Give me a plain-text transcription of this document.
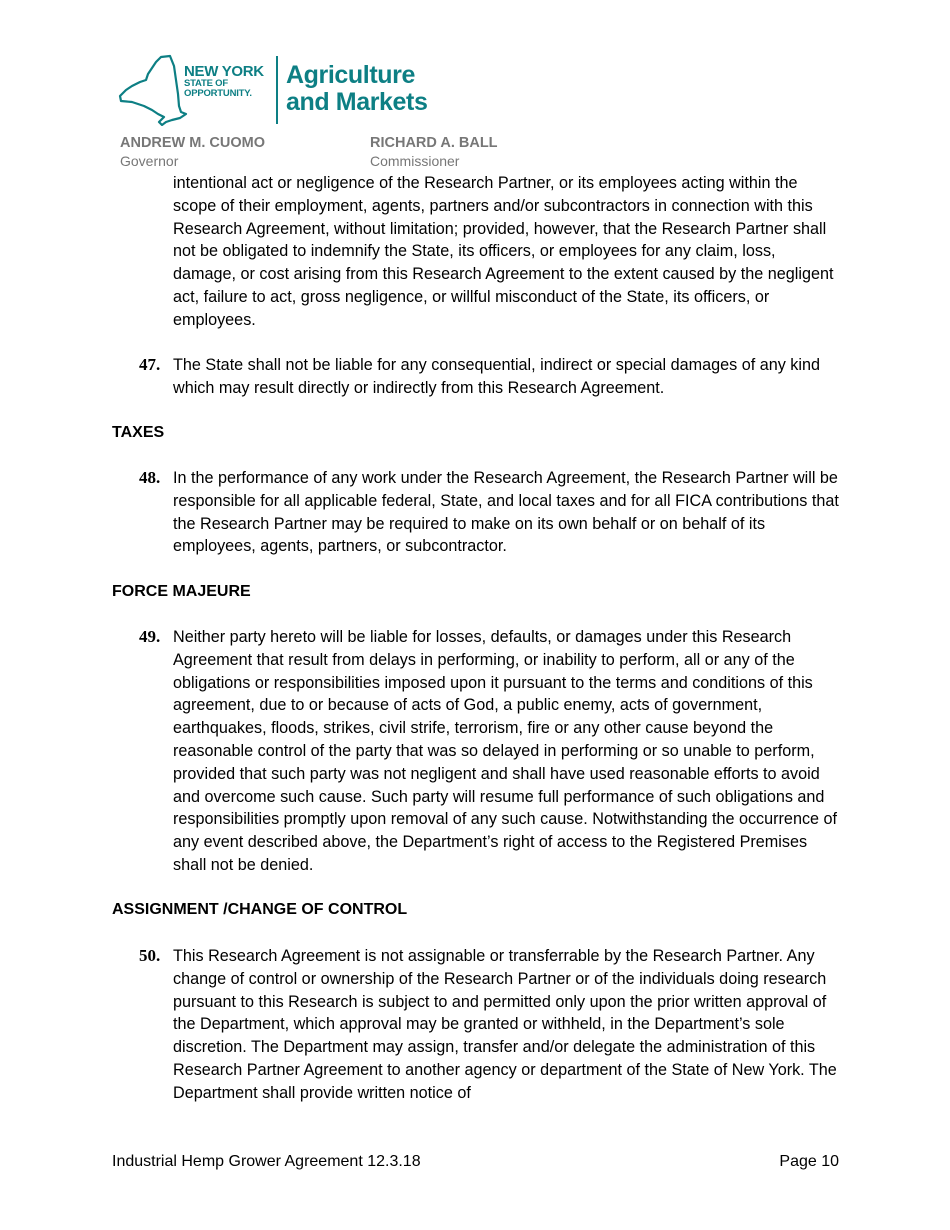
NEW YORK
STATE OF
OPPORTUNITY.
Agriculture
and Markets
ANDREW M. CUOMO
Governor
RICHARD A. BALL
Commissioner
intentional act or negligence of the Research Partner, or its employees acting within the scope of their employment, agents, partners and/or subcontractors in connection with this Research Agreement, without limitation; provided, however, that the Research Partner shall not be obligated to indemnify the State, its officers, or employees for any claim, loss, damage, or cost arising from this Research Agreement to the extent caused by the negligent act, failure to act, gross negligence, or willful misconduct of the State, its officers, or employees.
47. The State shall not be liable for any consequential, indirect or special damages of any kind which may result directly or indirectly from this Research Agreement.
TAXES
48. In the performance of any work under the Research Agreement, the Research Partner will be responsible for all applicable federal, State, and local taxes and for all FICA contributions that the Research Partner may be required to make on its own behalf or on behalf of its employees, agents, partners, or subcontractor.
FORCE MAJEURE
49. Neither party hereto will be liable for losses, defaults, or damages under this Research Agreement that result from delays in performing, or inability to perform, all or any of the obligations or responsibilities imposed upon it pursuant to the terms and conditions of this agreement, due to or because of acts of God, a public enemy, acts of government, earthquakes, floods, strikes, civil strife, terrorism, fire or any other cause beyond the reasonable control of the party that was so delayed in performing or so unable to perform, provided that such party was not negligent and shall have used reasonable efforts to avoid and overcome such cause. Such party will resume full performance of such obligations and responsibilities promptly upon removal of any such cause. Notwithstanding the occurrence of any event described above, the Department’s right of access to the Registered Premises shall not be denied.
ASSIGNMENT /CHANGE OF CONTROL
50. This Research Agreement is not assignable or transferrable by the Research Partner. Any change of control or ownership of the Research Partner or of the individuals doing research pursuant to this Research is subject to and permitted only upon the prior written approval of the Department, which approval may be granted or withheld, in the Department’s sole discretion. The Department may assign, transfer and/or delegate the administration of this Research Partner Agreement to another agency or department of the State of New York. The Department shall provide written notice of
Industrial Hemp Grower Agreement 12.3.18	Page 10
